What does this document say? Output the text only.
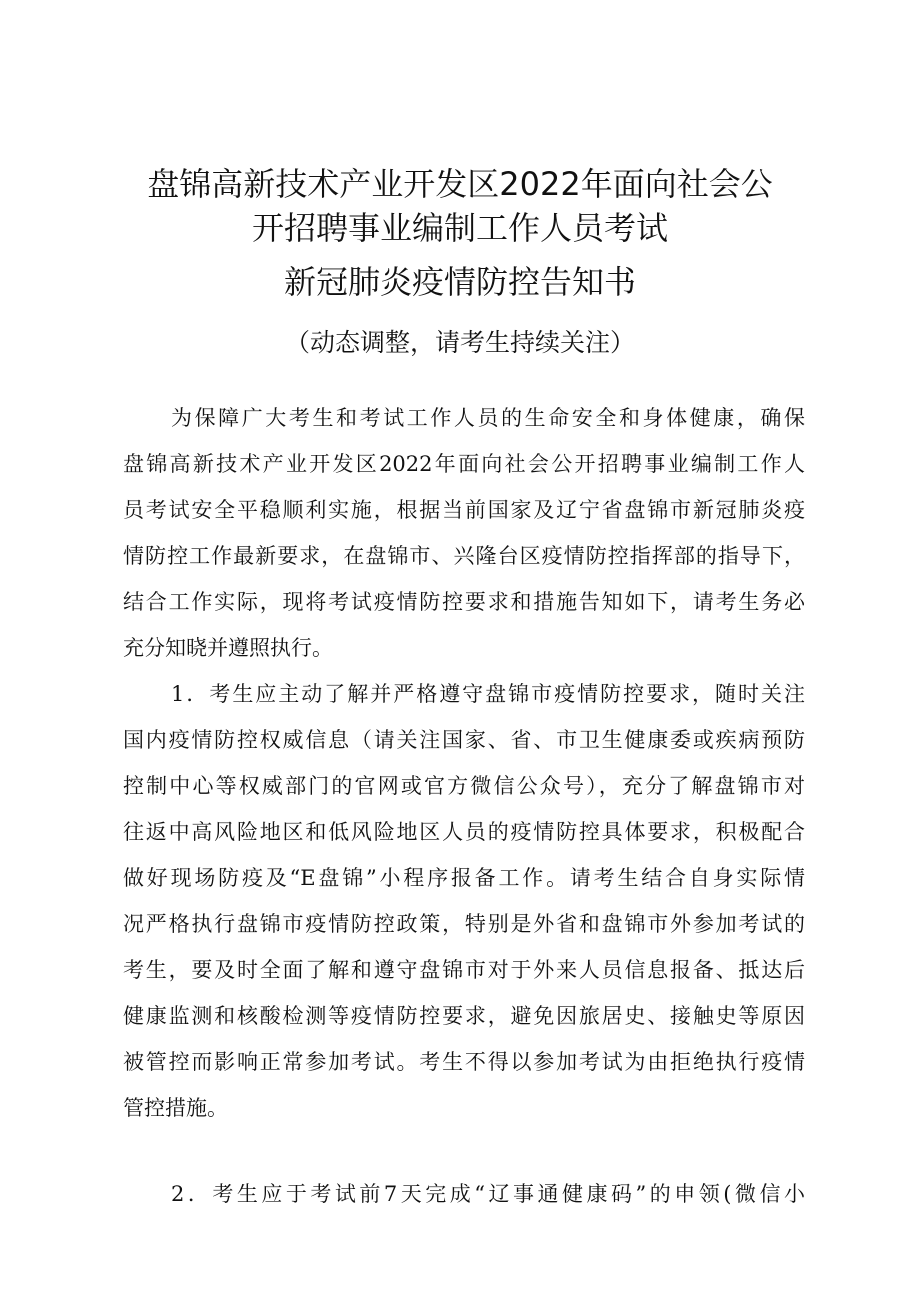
盘锦高新技术产业开发区2022年面向社会公
开招聘事业编制工作人员考试
新冠肺炎疫情防控告知书
（动态调整，请考生持续关注）
为保障广大考生和考试工作人员的生命安全和身体健康，确保
盘锦高新技术产业开发区2022年面向社会公开招聘事业编制工作人
员考试安全平稳顺利实施，根据当前国家及辽宁省盘锦市新冠肺炎疫
情防控工作最新要求，在盘锦市、兴隆台区疫情防控指挥部的指导下，
结合工作实际，现将考试疫情防控要求和措施告知如下，请考生务必
充分知晓并遵照执行。
1．考生应主动了解并严格遵守盘锦市疫情防控要求，随时关注
国内疫情防控权威信息（请关注国家、省、市卫生健康委或疾病预防
控制中心等权威部门的官网或官方微信公众号），充分了解盘锦市对
往返中高风险地区和低风险地区人员的疫情防控具体要求，积极配合
做好现场防疫及“E盘锦”小程序报备工作。请考生结合自身实际情
况严格执行盘锦市疫情防控政策，特别是外省和盘锦市外参加考试的
考生，要及时全面了解和遵守盘锦市对于外来人员信息报备、抵达后
健康监测和核酸检测等疫情防控要求，避免因旅居史、接触史等原因
被管控而影响正常参加考试。考生不得以参加考试为由拒绝执行疫情
管控措施。
2．考生应于考试前7天完成“辽事通健康码”的申领(微信小
